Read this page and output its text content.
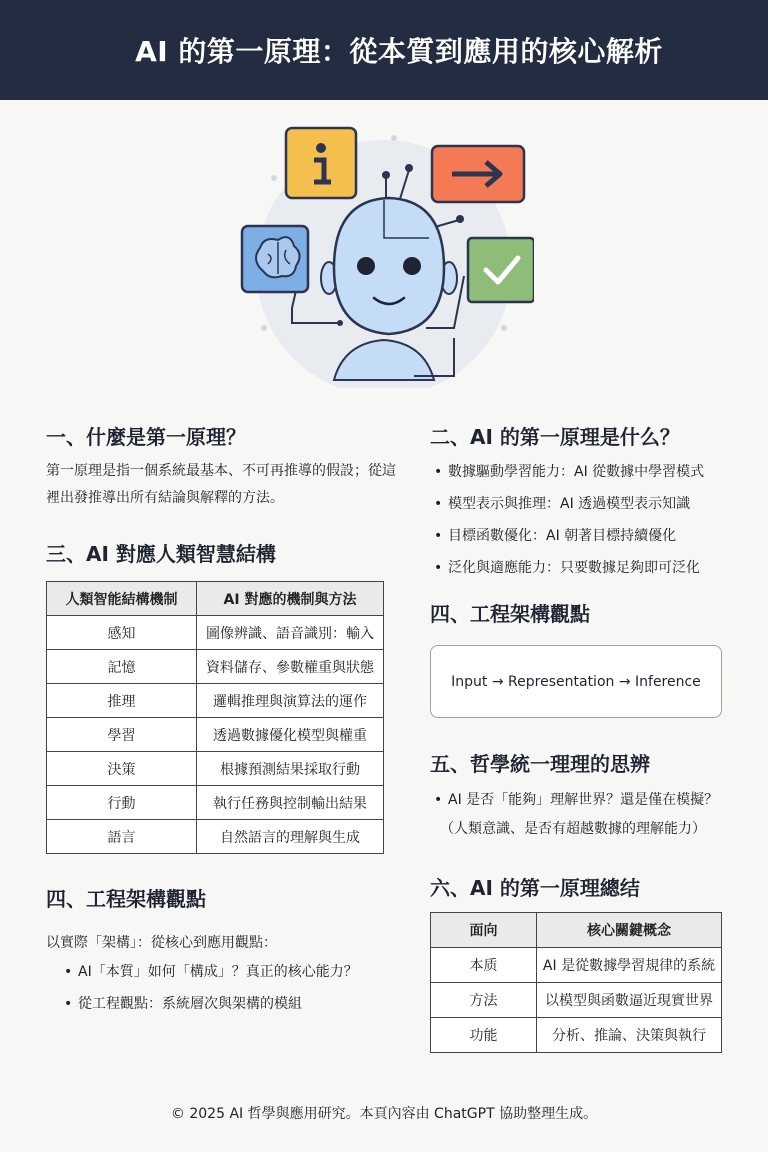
AI 的第一原理：從本質到應用的核心解析
一、什麼是第一原理？
第一原理是指一個系統最基本、不可再推導的假設；從這裡出發推導出所有結論與解釋的方法。
二、AI 的第一原理是什么？
• 數據驅動學習能力：AI 從數據中學習模式
• 模型表示與推理：AI 透過模型表示知識
• 目標函數優化：AI 朝著目標持續優化
• 泛化與適應能力：只要數據足夠即可泛化
三、AI 對應人類智慧結構
人類智能結構機制	AI 對應的機制與方法
感知	圖像辨識、語音識別：輸入
記憶	資料儲存、參數權重與狀態
推理	邏輯推理與演算法的運作
學習	透過數據優化模型與權重
決策	根據預測結果採取行動
行動	執行任務與控制輸出結果
語言	自然語言的理解與生成
四、工程架構觀點
Input → Representation → Inference
五、哲學統一理理的思辨
• AI 是否「能夠」理解世界？還是僅在模擬？
（人類意識、是否有超越數據的理解能力）
四、工程架構觀點
以實際「架構」：從核心到應用觀點：
• AI「本質」如何「構成」？真正的核心能力？
• 從工程觀點：系統層次與架構的模組
六、AI 的第一原理總结
面向	核心關鍵概念
本质	AI 是從數據學習規律的系統
方法	以模型與函數逼近現實世界
功能	分析、推論、決策與執行
© 2025 AI 哲學與應用研究。本頁內容由 ChatGPT 協助整理生成。
